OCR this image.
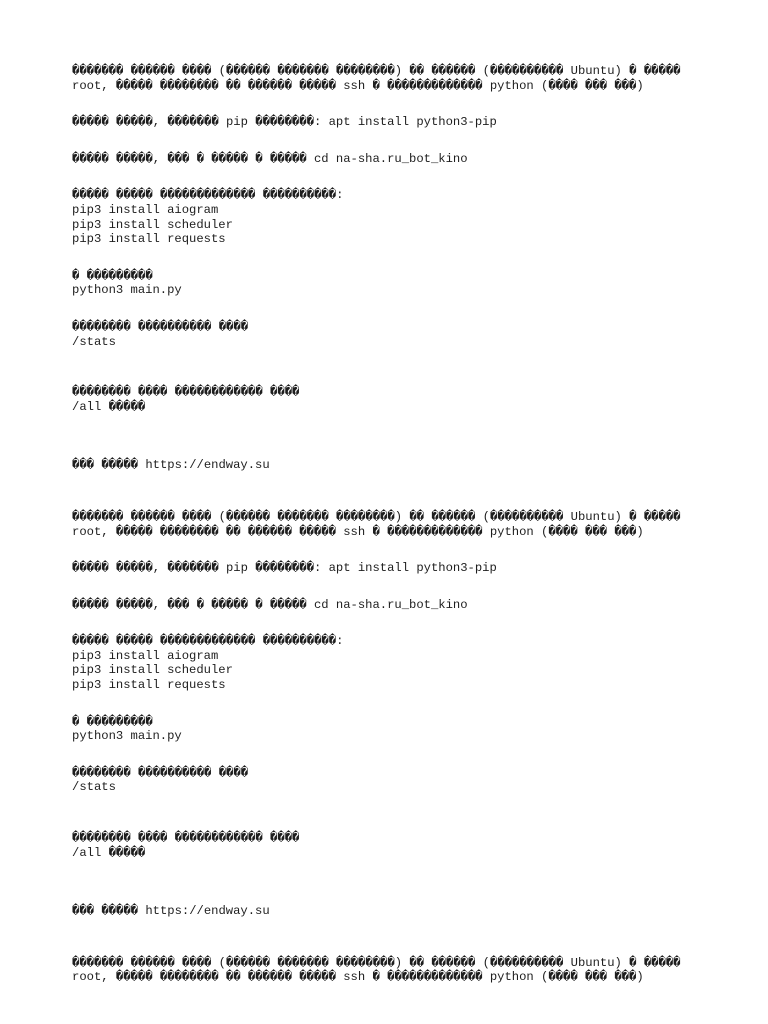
������� ������ ���� (������ ������� ��������) �� ������ (���������� Ubuntu) � ����� root, ����� �������� �� ������ ����� ssh � ������������� python (���� ��� ���)
����� �����, ������� pip ��������: apt install python3-pip
����� �����, ��� � ����� � ����� cd na-sha.ru_bot_kino
����� ����� ������������� ����������:
pip3 install aiogram
pip3 install scheduler
pip3 install requests
� ���������
python3 main.py
�������� ���������� ����
/stats
�������� ���� ������������ ����
/all �����
��� ����� https://endway.su
������� ������ ���� (������ ������� ��������) �� ������ (���������� Ubuntu) � ����� root, ����� �������� �� ������ ����� ssh � ������������� python (���� ��� ���)
����� �����, ������� pip ��������: apt install python3-pip
����� �����, ��� � ����� � ����� cd na-sha.ru_bot_kino
����� ����� ������������� ����������:
pip3 install aiogram
pip3 install scheduler
pip3 install requests
� ���������
python3 main.py
�������� ���������� ����
/stats
�������� ���� ������������ ����
/all �����
��� ����� https://endway.su
������� ������ ���� (������ ������� ��������) �� ������ (���������� Ubuntu) � ����� root, ����� �������� �� ������ ����� ssh � ������������� python (���� ��� ���)
